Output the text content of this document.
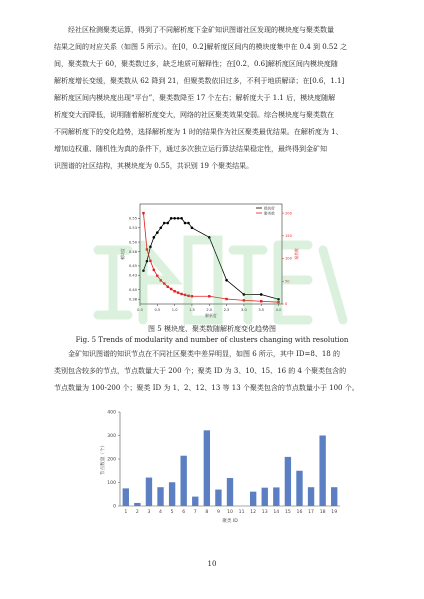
经社区检测聚类运算，得到了不同解析度下金矿知识图谱社区发现的模块度与聚类数量
结果之间的对应关系（如图 5 所示）。在[0，0.2]解析度区间内的模块度集中在 0.4 到 0.52 之
间，聚类数大于 60，聚类数过多，缺乏地质可解释性；在[0.2，0.6]解析度区间内模块度随
解析度增长变缓，聚类数从 62 降到 21，但聚类数依旧过多，不利于地质解译；在[0.6，1.1]
解析度区间内模块度出现“平台”，聚类数降至 17 个左右；解析度大于 1.1 后，模块度随解
析度变大而降低，说明随着解析度变大，网络的社区聚类效果变弱。综合模块度与聚类数在
不同解析度下的变化趋势，选择解析度为 1 时的结果作为社区聚类最优结果。在解析度为 1、
增加边权重、随机性为真的条件下，通过多次独立运行算法结果稳定性，最终得到金矿知
识图谱的社区结构，其模块度为 0.55，共识别 19 个聚类结果。
0.0	0.5	1.0	1.5	2.0	2.5	3.0	3.5	4.0
0.38
0.40
0.43
0.45
0.48
0.50
0.53
0.55
0
50
100
150
200
解析度
模块度	聚类数
模块度
聚类数

图 5 模块度、聚类数随解析度变化趋势图

Fig. 5 Trends of modularity and number of clusters changing with resolution

金矿知识图谱的知识节点在不同社区聚类中差异明显，如图 6 所示，其中 ID=8、18 的
类别包含较多的节点，节点数量大于 200 个；聚类 ID 为 3、10、15、16 的 4 个聚类包含的
节点数量为 100-200 个；聚类 ID 为 1、2、12、13 等 13 个聚类包含的节点数量小于 100 个。
0
100
200
300
400
1 2 3 4 5 6 7 8 9 10 11 12 13 14 15 16 17 18 19
聚类 ID
节点数量（个）
10
